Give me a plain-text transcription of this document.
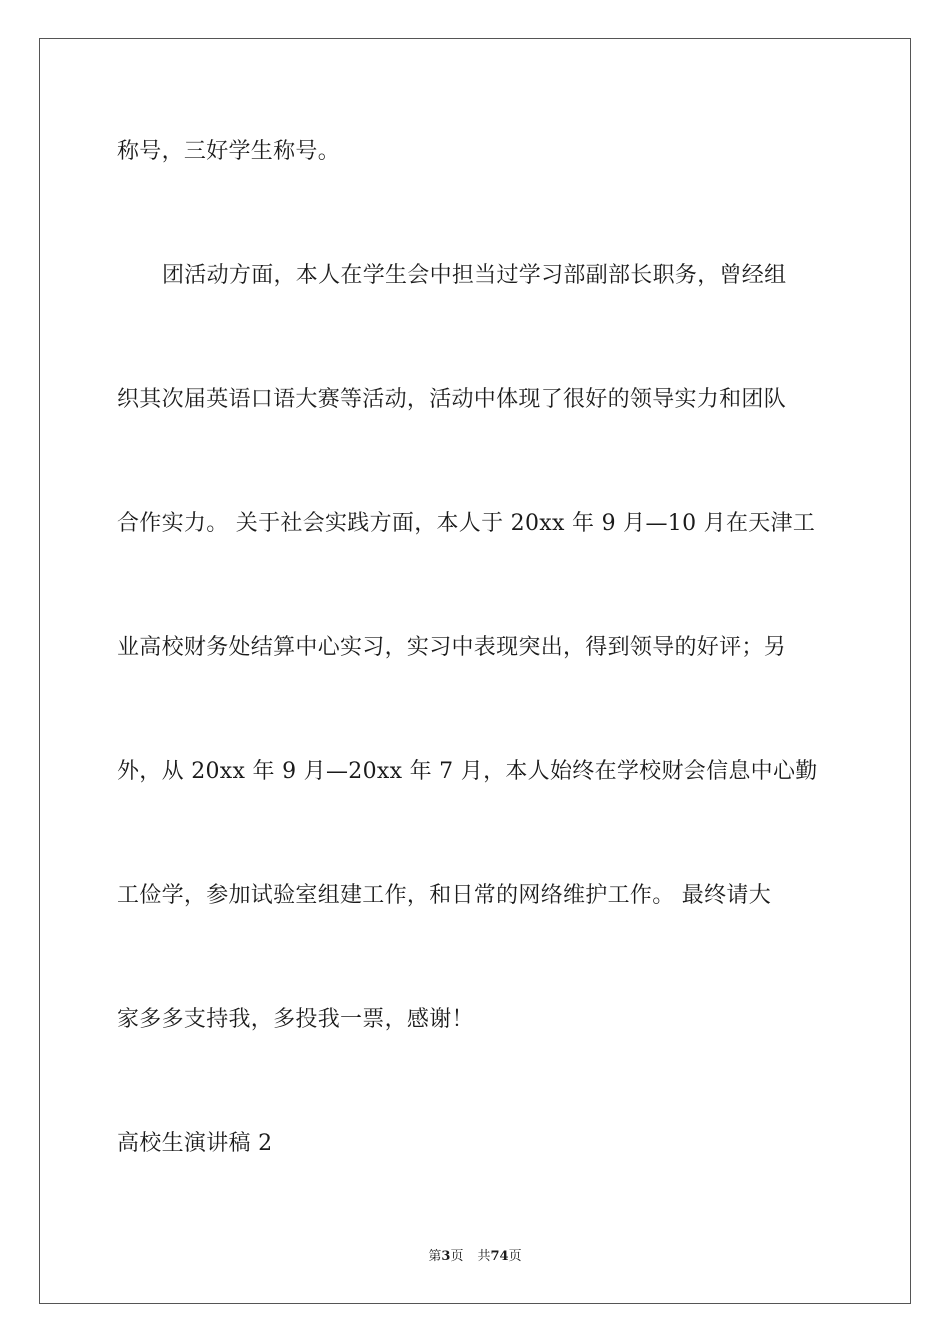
称号，三好学生称号。
团活动方面，本人在学生会中担当过学习部副部长职务，曾经组
织其次届英语口语大赛等活动，活动中体现了很好的领导实力和团队
合作实力。 关于社会实践方面，本人于 20xx 年 9 月—10 月在天津工
业高校财务处结算中心实习，实习中表现突出，得到领导的好评；另
外，从 20xx 年 9 月—20xx 年 7 月，本人始终在学校财会信息中心勤
工俭学，参加试验室组建工作，和日常的网络维护工作。 最终请大
家多多支持我，多投我一票，感谢！
高校生演讲稿 2
第3页 共74页
